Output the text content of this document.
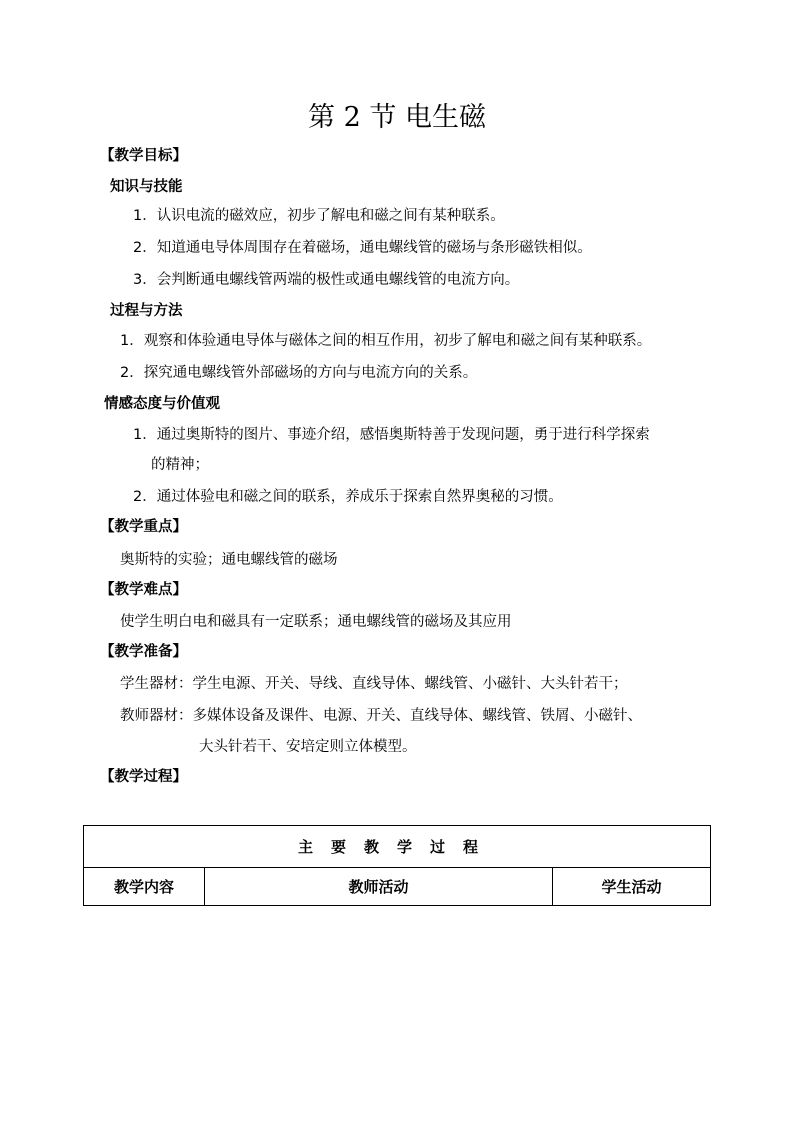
第 2 节 电生磁
【教学目标】
知识与技能
1．认识电流的磁效应，初步了解电和磁之间有某种联系。
2．知道通电导体周围存在着磁场，通电螺线管的磁场与条形磁铁相似。
3．会判断通电螺线管两端的极性或通电螺线管的电流方向。
过程与方法
1．观察和体验通电导体与磁体之间的相互作用，初步了解电和磁之间有某种联系。
2．探究通电螺线管外部磁场的方向与电流方向的关系。
情感态度与价值观
1．通过奥斯特的图片、事迹介绍，感悟奥斯特善于发现问题，勇于进行科学探索
的精神；
2．通过体验电和磁之间的联系，养成乐于探索自然界奥秘的习惯。
【教学重点】
奥斯特的实验；通电螺线管的磁场
【教学难点】
使学生明白电和磁具有一定联系；通电螺线管的磁场及其应用
【教学准备】
学生器材：学生电源、开关、导线、直线导体、螺线管、小磁针、大头针若干；
教师器材：多媒体设备及课件、电源、开关、直线导体、螺线管、铁屑、小磁针、
大头针若干、安培定则立体模型。
【教学过程】
主要教学过程
教学内容	教师活动	学生活动
